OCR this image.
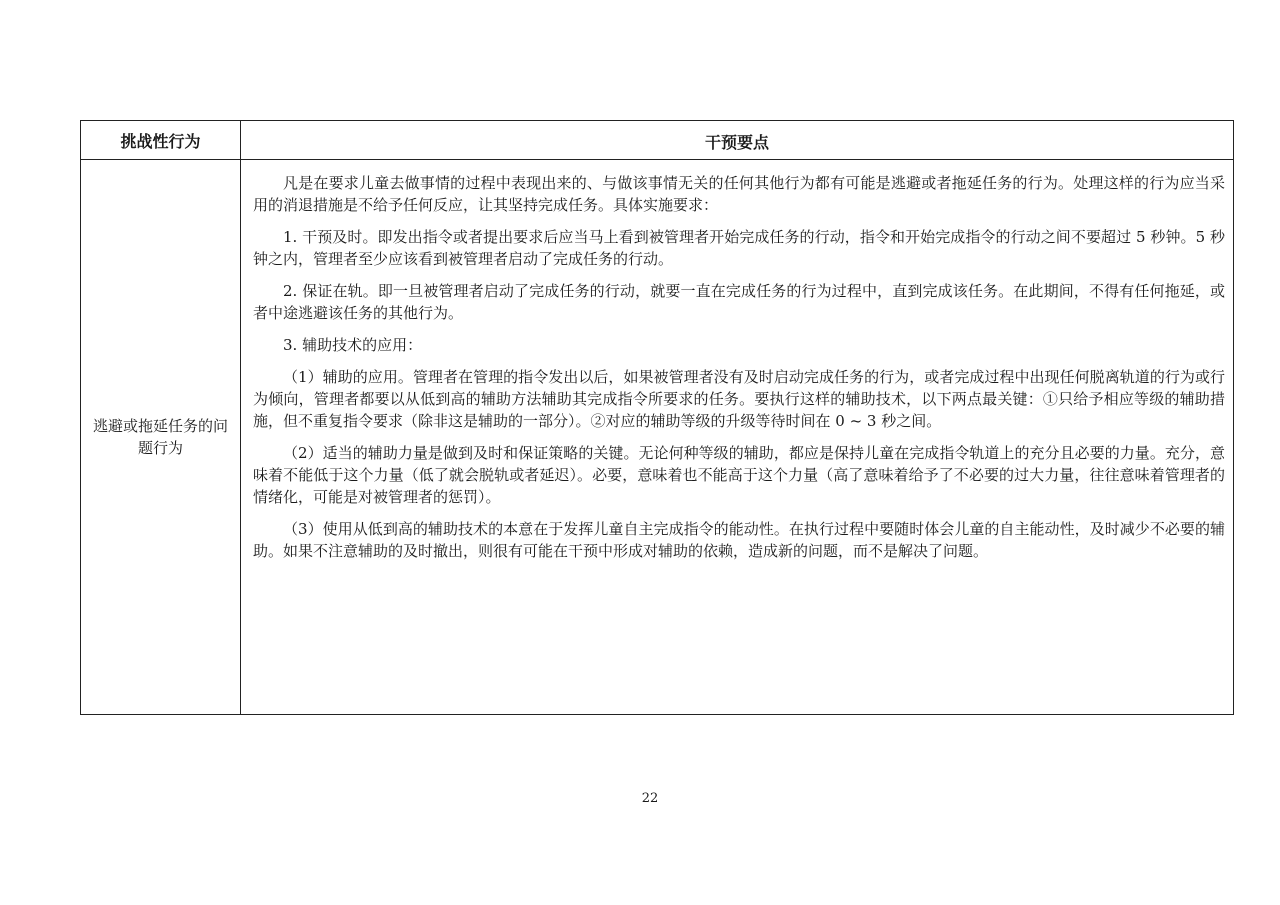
挑战性行为	干预要点
逃避或拖延任务的问题行为

凡是在要求儿童去做事情的过程中表现出来的、与做该事情无关的任何其他行为都有可能是逃避或者拖延任务的行为。处理这样的行为应当采用的消退措施是不给予任何反应，让其坚持完成任务。具体实施要求：

1. 干预及时。即发出指令或者提出要求后应当马上看到被管理者开始完成任务的行动，指令和开始完成指令的行动之间不要超过 5 秒钟。5 秒钟之内，管理者至少应该看到被管理者启动了完成任务的行动。

2. 保证在轨。即一旦被管理者启动了完成任务的行动，就要一直在完成任务的行为过程中，直到完成该任务。在此期间，不得有任何拖延，或者中途逃避该任务的其他行为。

3. 辅助技术的应用：

（1）辅助的应用。管理者在管理的指令发出以后，如果被管理者没有及时启动完成任务的行为，或者完成过程中出现任何脱离轨道的行为或行为倾向，管理者都要以从低到高的辅助方法辅助其完成指令所要求的任务。要执行这样的辅助技术，以下两点最关键：①只给予相应等级的辅助措施，但不重复指令要求（除非这是辅助的一部分）。②对应的辅助等级的升级等待时间在 0 ~ 3 秒之间。

（2）适当的辅助力量是做到及时和保证策略的关键。无论何种等级的辅助，都应是保持儿童在完成指令轨道上的充分且必要的力量。充分，意味着不能低于这个力量（低了就会脱轨或者延迟）。必要，意味着也不能高于这个力量（高了意味着给予了不必要的过大力量，往往意味着管理者的情绪化，可能是对被管理者的惩罚）。

（3）使用从低到高的辅助技术的本意在于发挥儿童自主完成指令的能动性。在执行过程中要随时体会儿童的自主能动性，及时减少不必要的辅助。如果不注意辅助的及时撤出，则很有可能在干预中形成对辅助的依赖，造成新的问题，而不是解决了问题。

22
